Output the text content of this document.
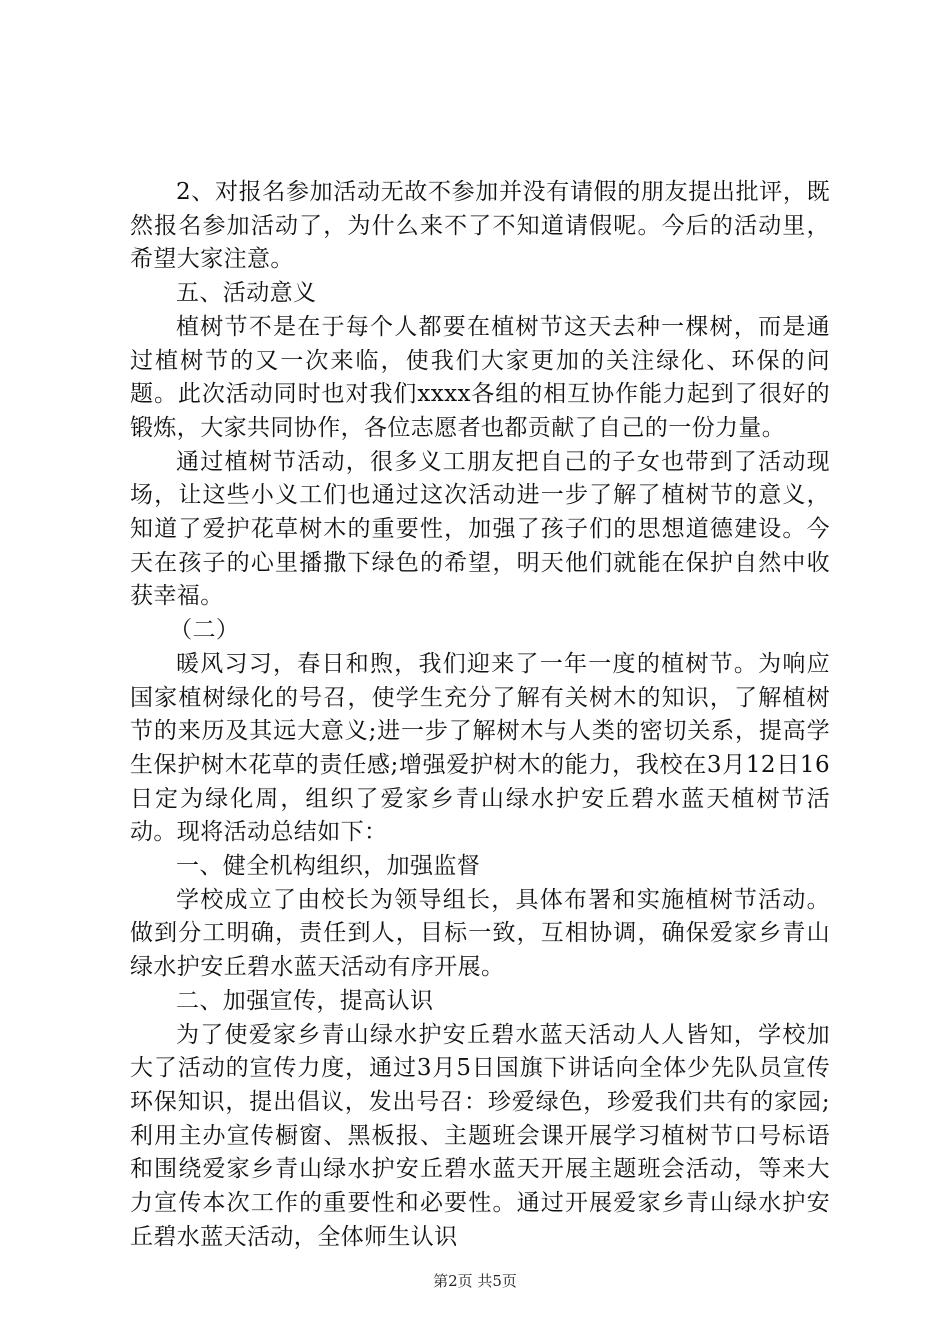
2、对报名参加活动无故不参加并没有请假的朋友提出批评，既然报名参加活动了，为什么来不了不知道请假呢。今后的活动里，希望大家注意。

五、活动意义

植树节不是在于每个人都要在植树节这天去种一棵树，而是通过植树节的又一次来临，使我们大家更加的关注绿化、环保的问题。此次活动同时也对我们xxxx各组的相互协作能力起到了很好的锻炼，大家共同协作，各位志愿者也都贡献了自己的一份力量。

通过植树节活动，很多义工朋友把自己的子女也带到了活动现场，让这些小义工们也通过这次活动进一步了解了植树节的意义，知道了爱护花草树木的重要性，加强了孩子们的思想道德建设。今天在孩子的心里播撒下绿色的希望，明天他们就能在保护自然中收获幸福。

（二）

暖风习习，春日和煦，我们迎来了一年一度的植树节。为响应国家植树绿化的号召，使学生充分了解有关树木的知识，了解植树节的来历及其远大意义;进一步了解树木与人类的密切关系，提高学生保护树木花草的责任感;增强爱护树木的能力，我校在3月12日16日定为绿化周，组织了爱家乡青山绿水护安丘碧水蓝天植树节活动。现将活动总结如下：

一、健全机构组织，加强监督

学校成立了由校长为领导组长，具体布署和实施植树节活动。做到分工明确，责任到人，目标一致，互相协调，确保爱家乡青山绿水护安丘碧水蓝天活动有序开展。

二、加强宣传，提高认识

为了使爱家乡青山绿水护安丘碧水蓝天活动人人皆知，学校加大了活动的宣传力度，通过3月5日国旗下讲话向全体少先队员宣传环保知识，提出倡议，发出号召：珍爱绿色，珍爱我们共有的家园;利用主办宣传橱窗、黑板报、主题班会课开展学习植树节口号标语和围绕爱家乡青山绿水护安丘碧水蓝天开展主题班会活动，等来大力宣传本次工作的重要性和必要性。通过开展爱家乡青山绿水护安丘碧水蓝天活动，全体师生认识

第2页 共5页
